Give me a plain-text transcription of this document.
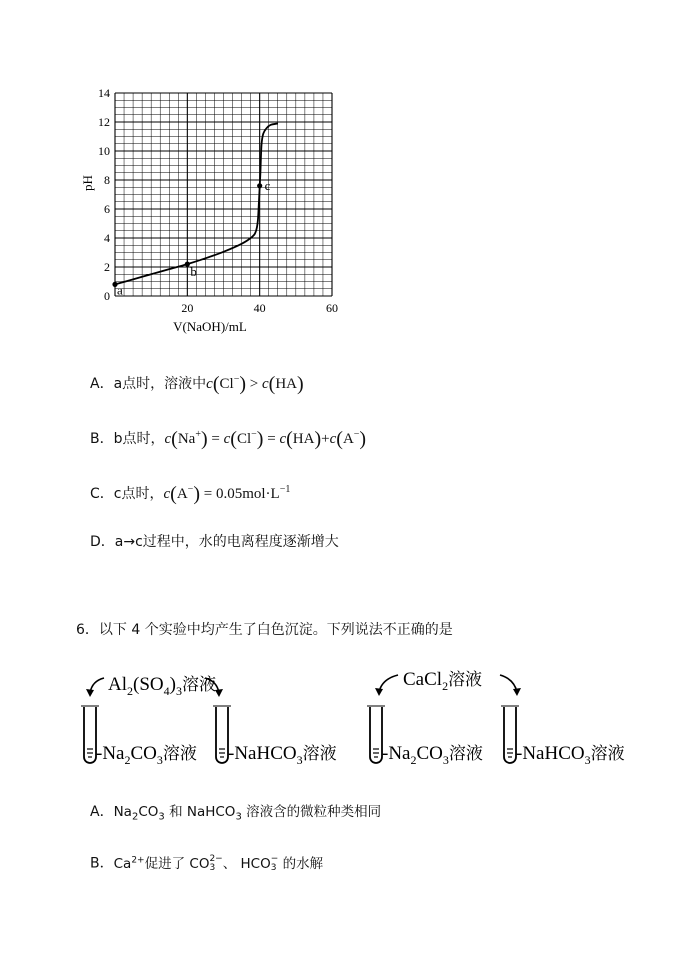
0
2
4
6
8
10
12
14
20	40	60
a
b
c
pH
V(NaOH)/mL
A．a点时，溶液中c(Cl−) > c(HA)
B．b点时，c(Na+) = c(Cl−) = c(HA)+c(A−)
C．c点时，$c(A^-) = 0.05mol\cdot L^{-1}$
D．a→c过程中，水的电离程度逐渐增大
6．以下 4 个实验中均产生了白色沉淀。下列说法不正确的是
$Al_2(SO_4)_3$溶液	CaCl$_2$溶液
$-Na_2CO_3$溶液 -NaHCO$_3$溶液 $-Na_2CO_3$溶液 -NaHCO$_3$溶液
A．$Na_2CO_3$ 和 NaHCO$_3$ 溶液含的微粒种类相同
B．$Ca^{2+}$促进了 CO 2−
3 、 HCO −
3 的水解
